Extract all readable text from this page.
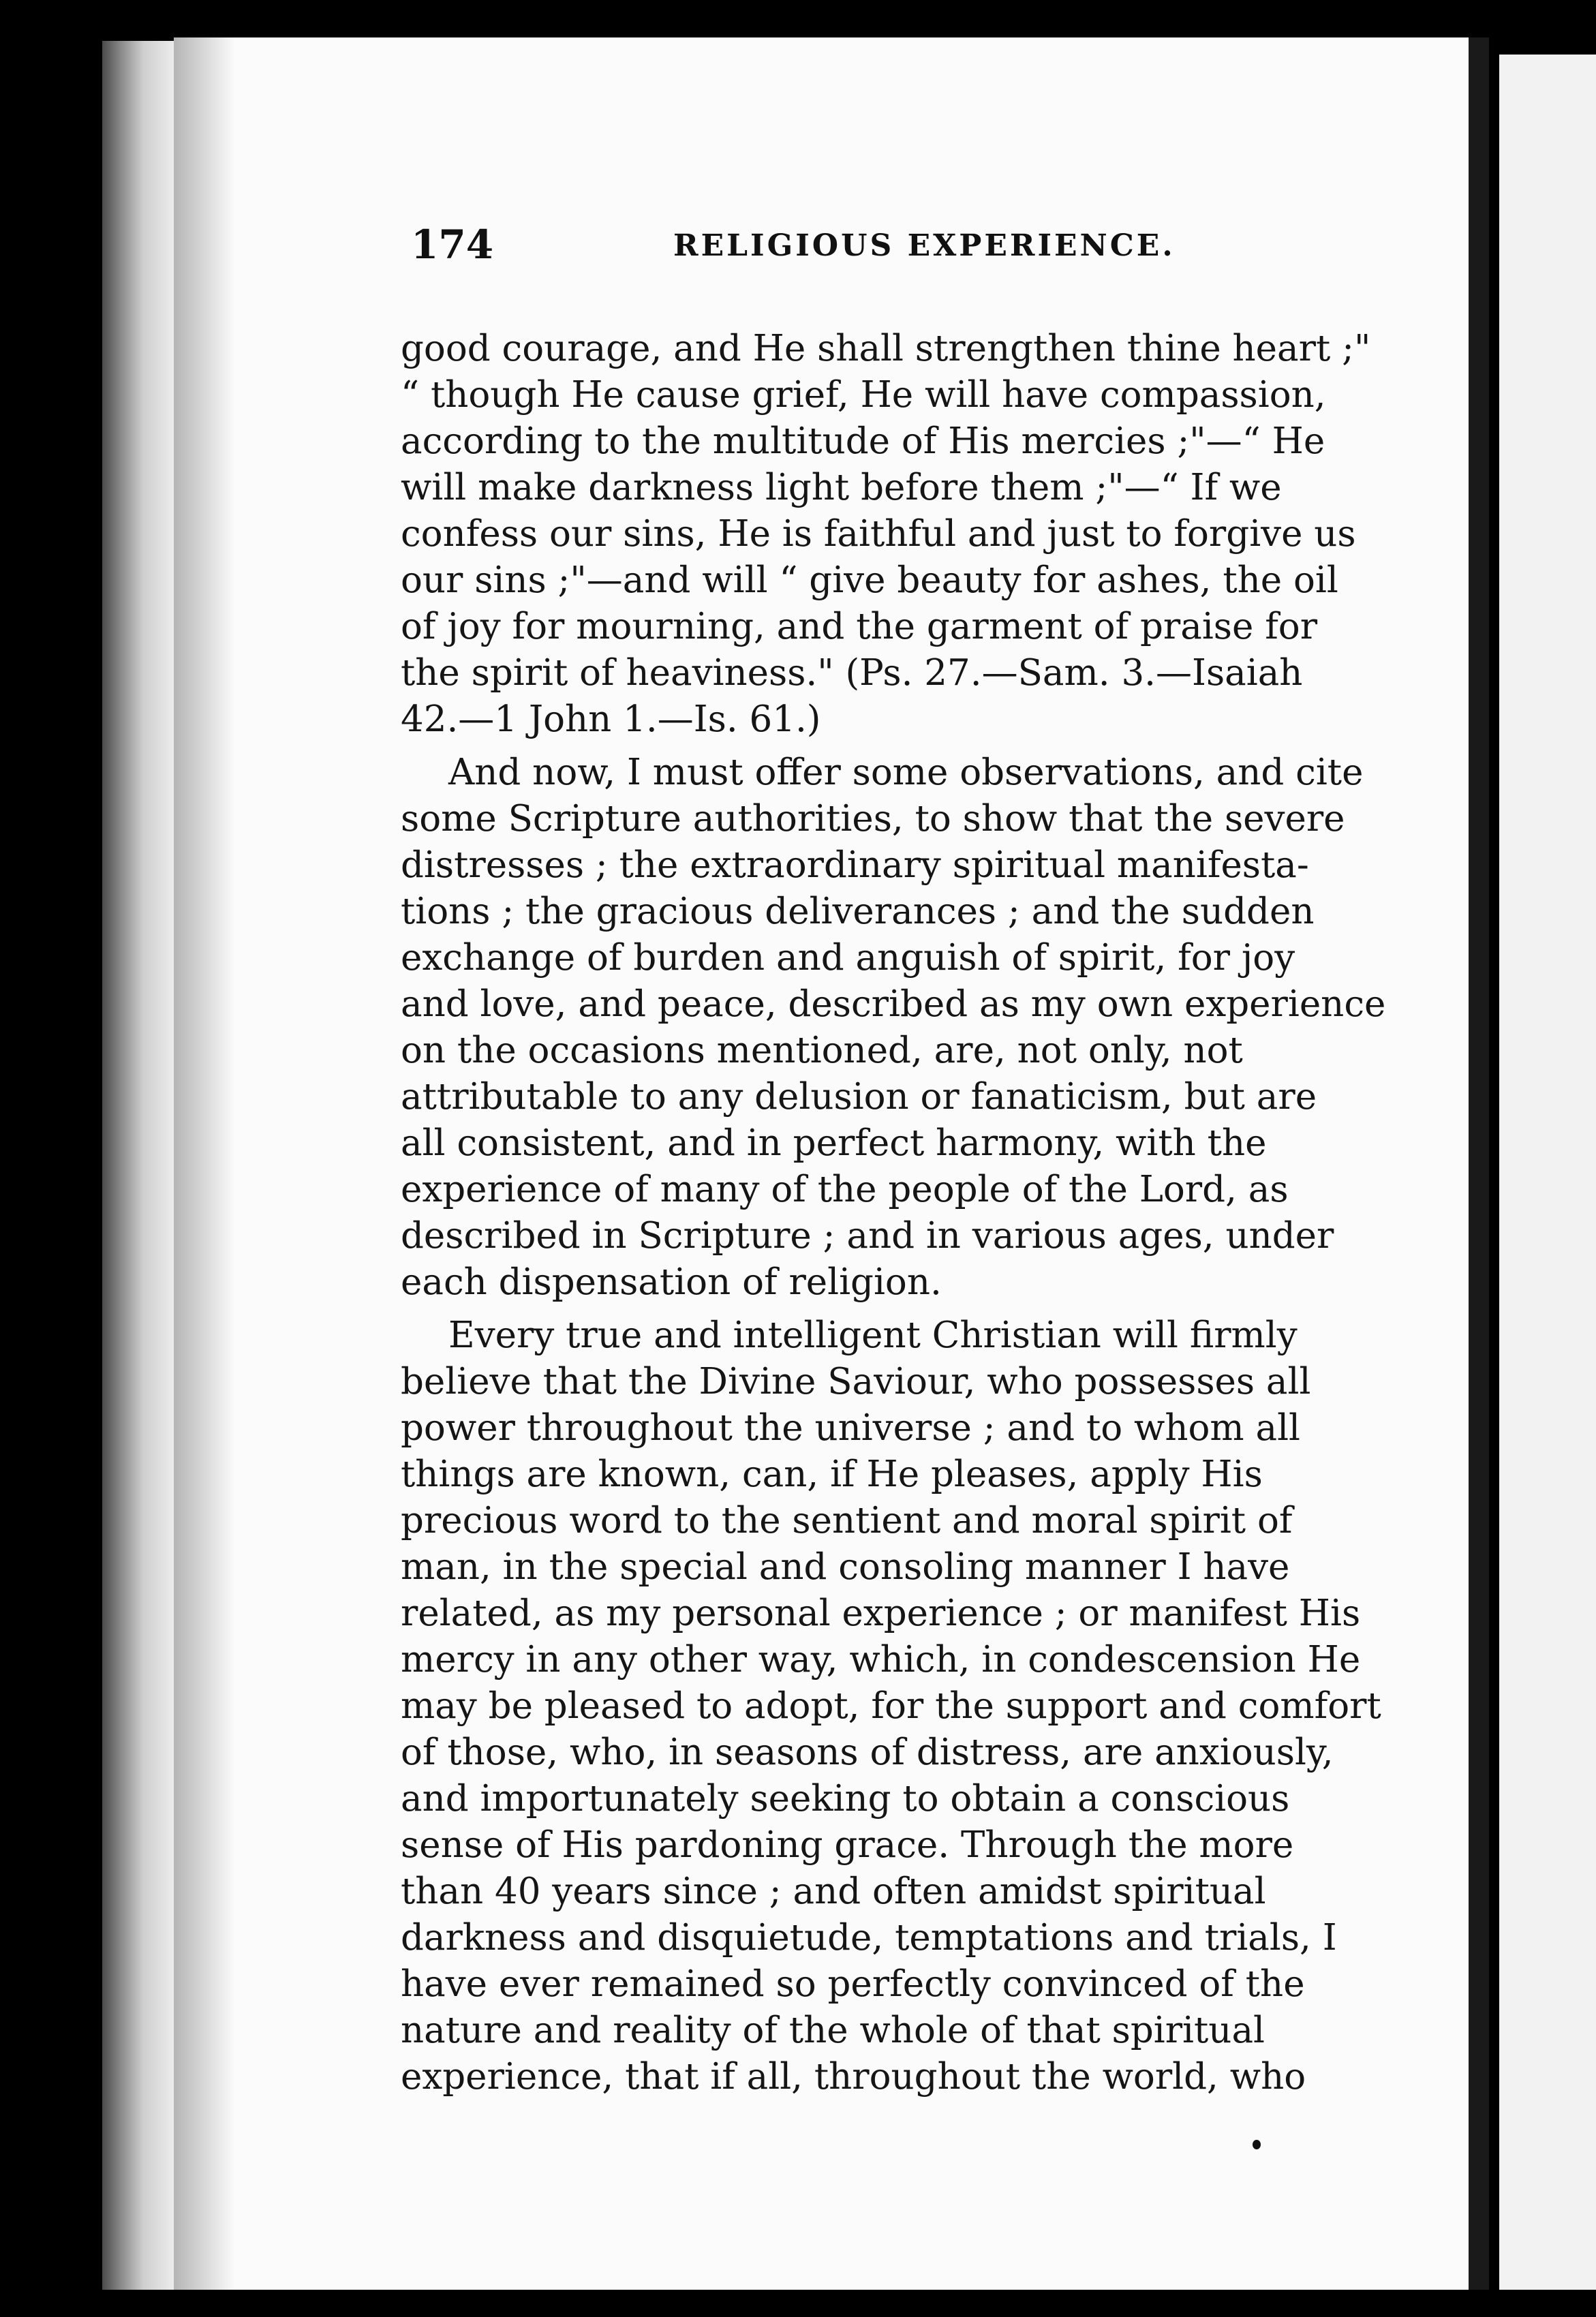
174	RELIGIOUS EXPERIENCE.
good courage, and He shall strengthen thine heart ;"
“ though He cause grief, He will have compassion,
according to the multitude of His mercies ;"—“ He
will make darkness light before them ;"—“ If we
confess our sins, He is faithful and just to forgive us
our sins ;"—and will “ give beauty for ashes, the oil
of joy for mourning, and the garment of praise for
the spirit of heaviness." (Ps. 27.—Sam. 3.—Isaiah
42.—1 John 1.—Is. 61.)
And now, I must offer some observations, and cite
some Scripture authorities, to show that the severe
distresses ; the extraordinary spiritual manifesta-
tions ; the gracious deliverances ; and the sudden
exchange of burden and anguish of spirit, for joy
and love, and peace, described as my own experience
on the occasions mentioned, are, not only, not
attributable to any delusion or fanaticism, but are
all consistent, and in perfect harmony, with the
experience of many of the people of the Lord, as
described in Scripture ; and in various ages, under
each dispensation of religion.
Every true and intelligent Christian will firmly
believe that the Divine Saviour, who possesses all
power throughout the universe ; and to whom all
things are known, can, if He pleases, apply His
precious word to the sentient and moral spirit of
man, in the special and consoling manner I have
related, as my personal experience ; or manifest His
mercy in any other way, which, in condescension He
may be pleased to adopt, for the support and comfort
of those, who, in seasons of distress, are anxiously,
and importunately seeking to obtain a conscious
sense of His pardoning grace. Through the more
than 40 years since ; and often amidst spiritual
darkness and disquietude, temptations and trials, I
have ever remained so perfectly convinced of the
nature and reality of the whole of that spiritual
experience, that if all, throughout the world, who
